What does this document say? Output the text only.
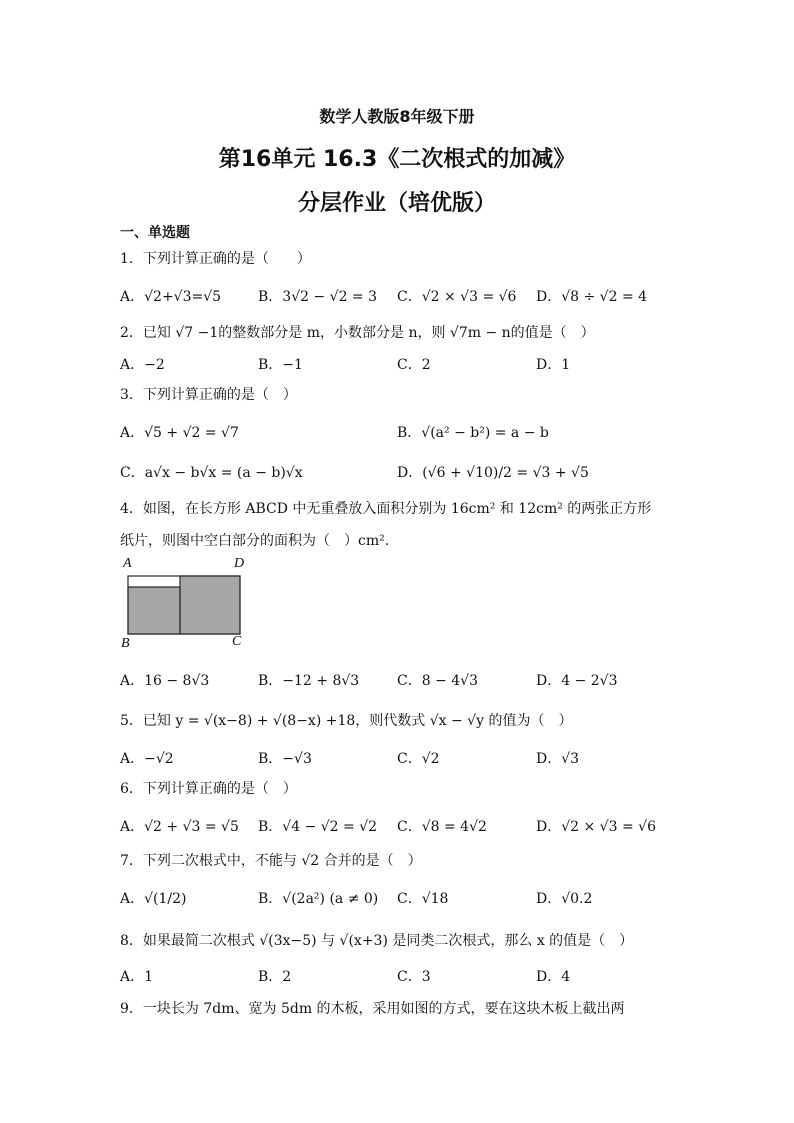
数学人教版8年级下册
第16单元 16.3《二次根式的加减》
分层作业（培优版）
一、单选题
1．下列计算正确的是（　　）
A．√2+√3=√5	B．3√2 − √2 = 3 C．√2 × √3 = √6 D．√8 ÷ √2 = 4
2．已知 √7 −1的整数部分是 m，小数部分是 n，则 √7m − n的值是（　）
A．−2	B．−1	C．2	D．1
3．下列计算正确的是（　）
A．√5 + √2 = √7	B．√(a² − b²) = a − b
C．a√x − b√x = (a − b)√x	D．(√6 + √10)/2 = √3 + √5
4．如图，在长方形 ABCD 中无重叠放入面积分别为 16cm² 和 12cm² 的两张正方形
纸片，则图中空白部分的面积为（　）cm².
A	D
B	C
A．16 − 8√3	B．−12 + 8√3	C．8 − 4√3	D．4 − 2√3
5．已知 y = √(x−8) + √(8−x) +18，则代数式 √x − √y 的值为（　）
A．−√2	B．−√3	C．√2	D．√3
6．下列计算正确的是（　）
A．√2 + √3 = √5 B．√4 − √2 = √2 C．√8 = 4√2	D．√2 × √3 = √6
7．下列二次根式中，不能与 √2 合并的是（　）
A．√(1/2)	B．√(2a²) (a ≠ 0) C．√18	D．√0.2
8．如果最简二次根式 √(3x−5) 与 √(x+3) 是同类二次根式，那么 x 的值是（　）
A．1	B．2	C．3	D．4
9．一块长为 7dm、宽为 5dm 的木板，采用如图的方式，要在这块木板上截出两
